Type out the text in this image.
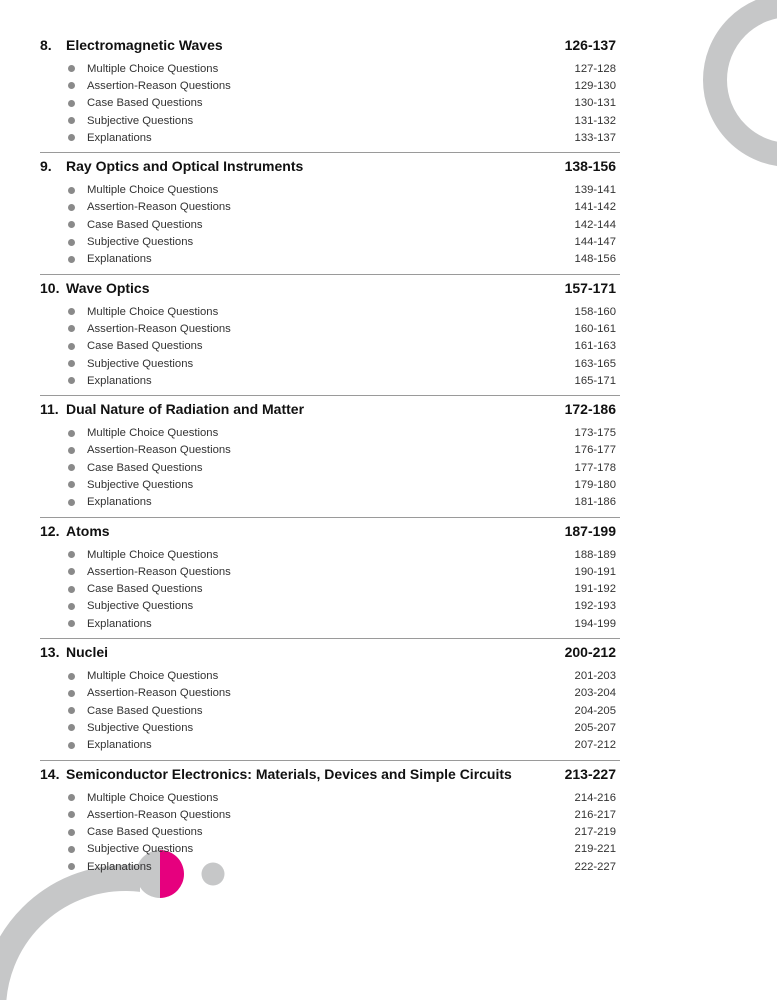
8. Electromagnetic Waves	126-137
Multiple Choice Questions	127-128
Assertion-Reason Questions	129-130
Case Based Questions	130-131
Subjective Questions	131-132
Explanations	133-137
9. Ray Optics and Optical Instruments	138-156
Multiple Choice Questions	139-141
Assertion-Reason Questions	141-142
Case Based Questions	142-144
Subjective Questions	144-147
Explanations	148-156
10. Wave Optics	157-171
Multiple Choice Questions	158-160
Assertion-Reason Questions	160-161
Case Based Questions	161-163
Subjective Questions	163-165
Explanations	165-171
11. Dual Nature of Radiation and Matter	172-186
Multiple Choice Questions	173-175
Assertion-Reason Questions	176-177
Case Based Questions	177-178
Subjective Questions	179-180
Explanations	181-186
12. Atoms	187-199
Multiple Choice Questions	188-189
Assertion-Reason Questions	190-191
Case Based Questions	191-192
Subjective Questions	192-193
Explanations	194-199
13. Nuclei	200-212
Multiple Choice Questions	201-203
Assertion-Reason Questions	203-204
Case Based Questions	204-205
Subjective Questions	205-207
Explanations	207-212
14. Semiconductor Electronics: Materials, Devices and Simple Circuits	213-227
Multiple Choice Questions	214-216
Assertion-Reason Questions	216-217
Case Based Questions	217-219
Subjective Questions	219-221
Explanations	222-227
